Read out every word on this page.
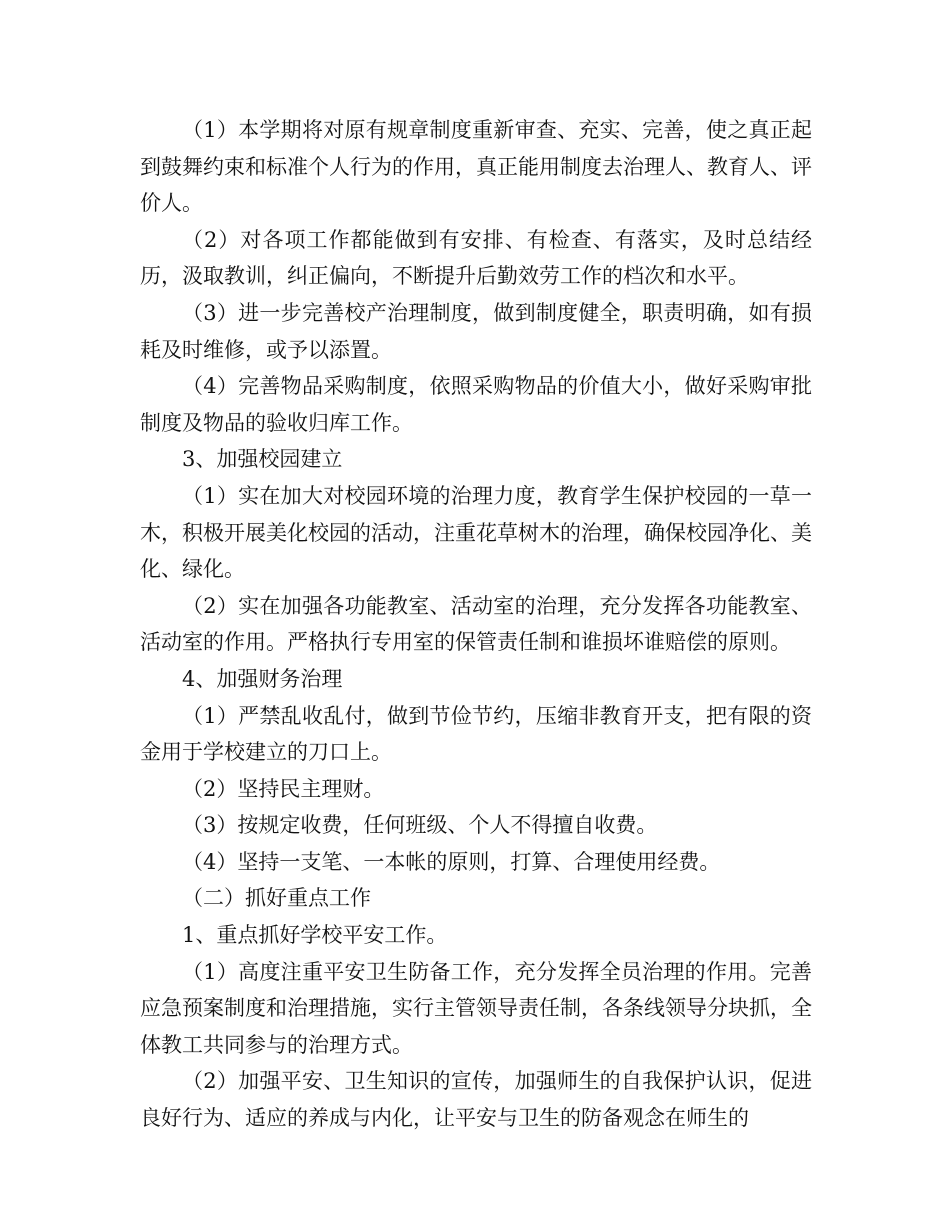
（1）本学期将对原有规章制度重新审查、充实、完善，使之真正起到鼓舞约束和标准个人行为的作用，真正能用制度去治理人、教育人、评价人。

（2）对各项工作都能做到有安排、有检查、有落实，及时总结经历，汲取教训，纠正偏向，不断提升后勤效劳工作的档次和水平。

（3）进一步完善校产治理制度，做到制度健全，职责明确，如有损耗及时维修，或予以添置。

（4）完善物品采购制度，依照采购物品的价值大小，做好采购审批制度及物品的验收归库工作。

3、加强校园建立

（1）实在加大对校园环境的治理力度，教育学生保护校园的一草一木，积极开展美化校园的活动，注重花草树木的治理，确保校园净化、美化、绿化。

（2）实在加强各功能教室、活动室的治理，充分发挥各功能教室、活动室的作用。严格执行专用室的保管责任制和谁损坏谁赔偿的原则。

4、加强财务治理

（1）严禁乱收乱付，做到节俭节约，压缩非教育开支，把有限的资金用于学校建立的刀口上。

（2）坚持民主理财。

（3）按规定收费，任何班级、个人不得擅自收费。

（4）坚持一支笔、一本帐的原则，打算、合理使用经费。

（二）抓好重点工作

1、重点抓好学校平安工作。

（1）高度注重平安卫生防备工作，充分发挥全员治理的作用。完善应急预案制度和治理措施，实行主管领导责任制，各条线领导分块抓，全体教工共同参与的治理方式。

（2）加强平安、卫生知识的宣传，加强师生的自我保护认识，促进良好行为、适应的养成与内化，让平安与卫生的防备观念在师生的
